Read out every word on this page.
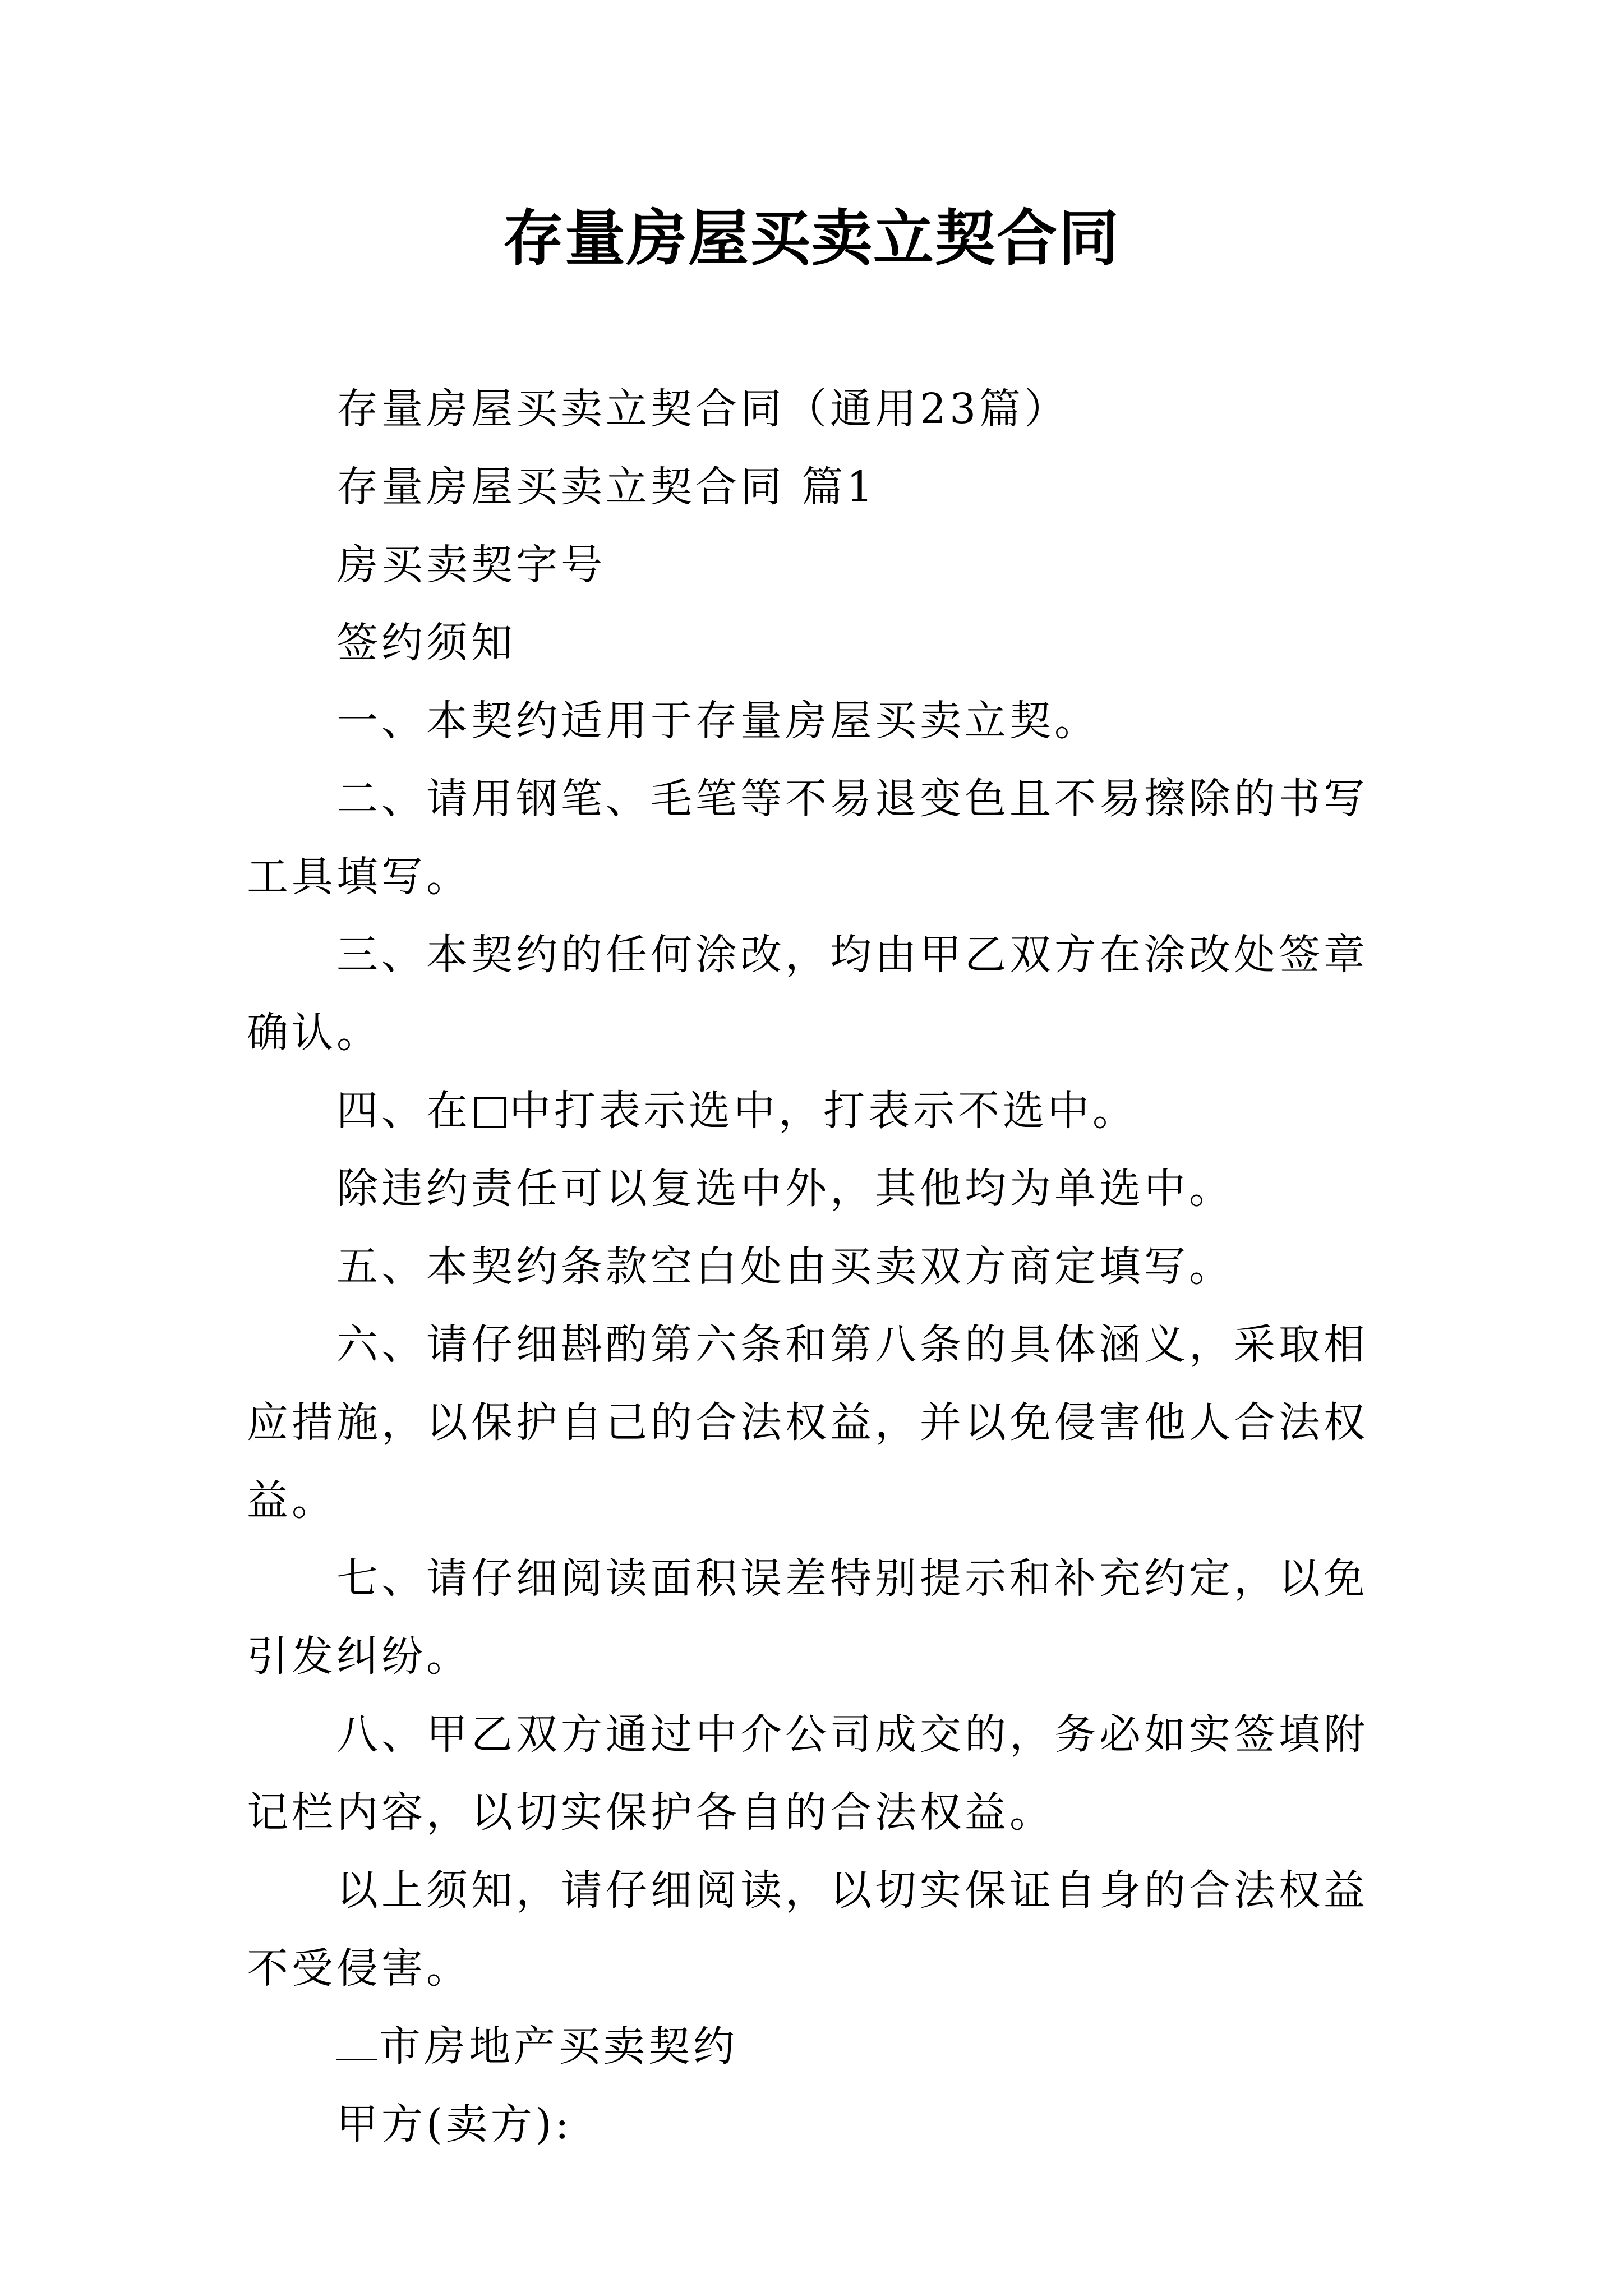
存量房屋买卖立契合同

存量房屋买卖立契合同（通用23篇）

存量房屋买卖立契合同 篇1

房买卖契字号

签约须知

一、本契约适用于存量房屋买卖立契。

二、请用钢笔、毛笔等不易退变色且不易擦除的书写工具填写。

三、本契约的任何涂改，均由甲乙双方在涂改处签章确认。

四、在 中打表示选中，打表示不选中。

除违约责任可以复选中外，其他均为单选中。

五、本契约条款空白处由买卖双方商定填写。

六、请仔细斟酌第六条和第八条的具体涵义，采取相应措施，以保护自己的合法权益，并以免侵害他人合法权益。

七、请仔细阅读面积误差特别提示和补充约定，以免引发纠纷。

八、甲乙双方通过中介公司成交的，务必如实签填附记栏内容，以切实保护各自的合法权益。

以上须知，请仔细阅读，以切实保证自身的合法权益不受侵害。

市房地产买卖契约

甲方(卖方):
